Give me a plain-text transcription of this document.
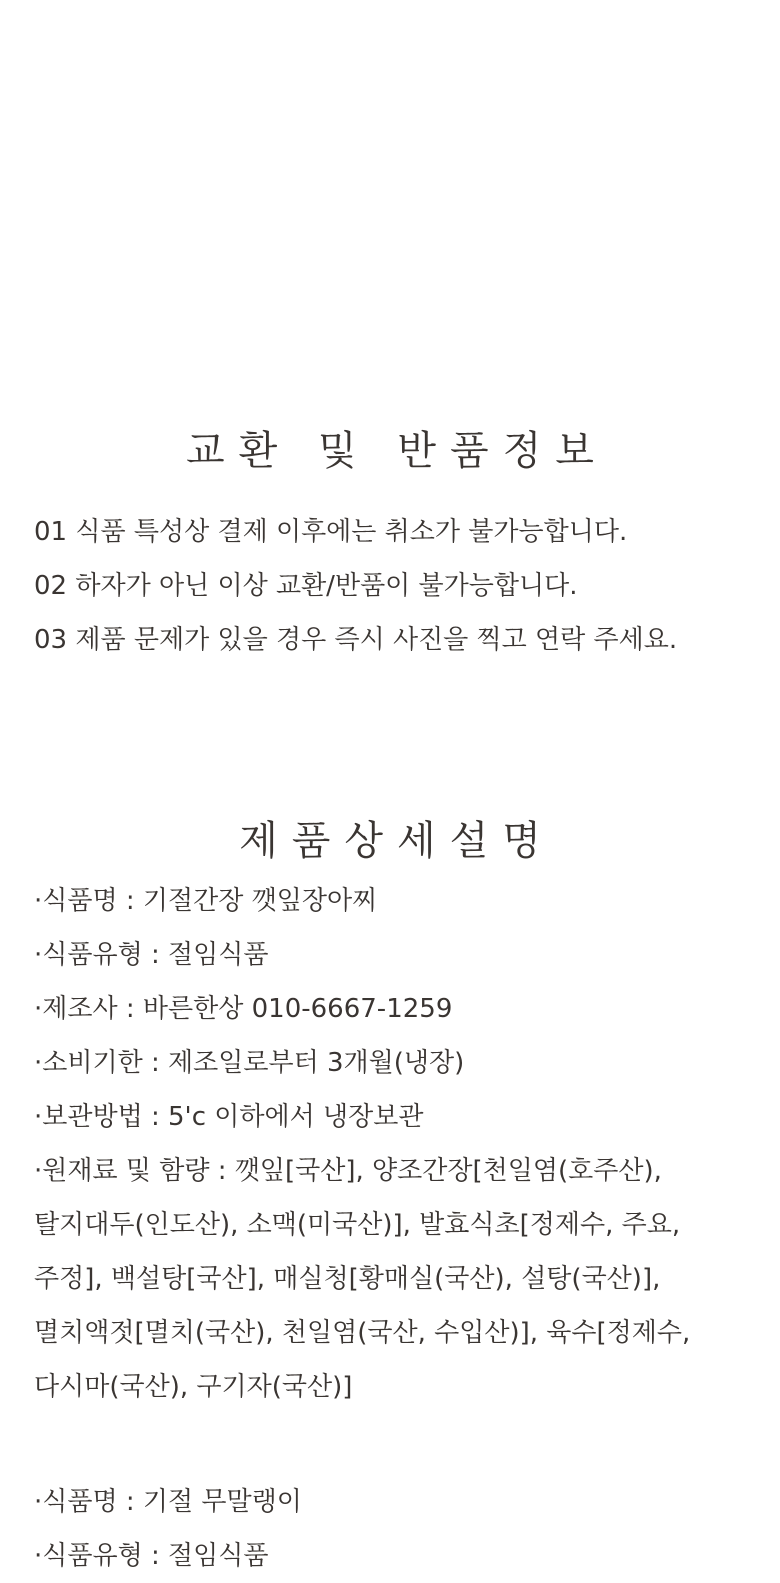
교환 및 반품정보
01 식품 특성상 결제 이후에는 취소가 불가능합니다.
02 하자가 아닌 이상 교환/반품이 불가능합니다.
03 제품 문제가 있을 경우 즉시 사진을 찍고 연락 주세요.
제품상세설명
·식품명 : 기절간장 깻잎장아찌
·식품유형 : 절임식품
·제조사 : 바른한상 010-6667-1259
·소비기한 : 제조일로부터 3개월(냉장)
·보관방법 : 5'c 이하에서 냉장보관
·원재료 및 함량 : 깻잎[국산], 양조간장[천일염(호주산),
탈지대두(인도산), 소맥(미국산)], 발효식초[정제수, 주요,
주정], 백설탕[국산], 매실청[황매실(국산), 설탕(국산)],
멸치액젓[멸치(국산), 천일염(국산, 수입산)], 육수[정제수,
다시마(국산), 구기자(국산)]
·식품명 : 기절 무말랭이
·식품유형 : 절임식품
